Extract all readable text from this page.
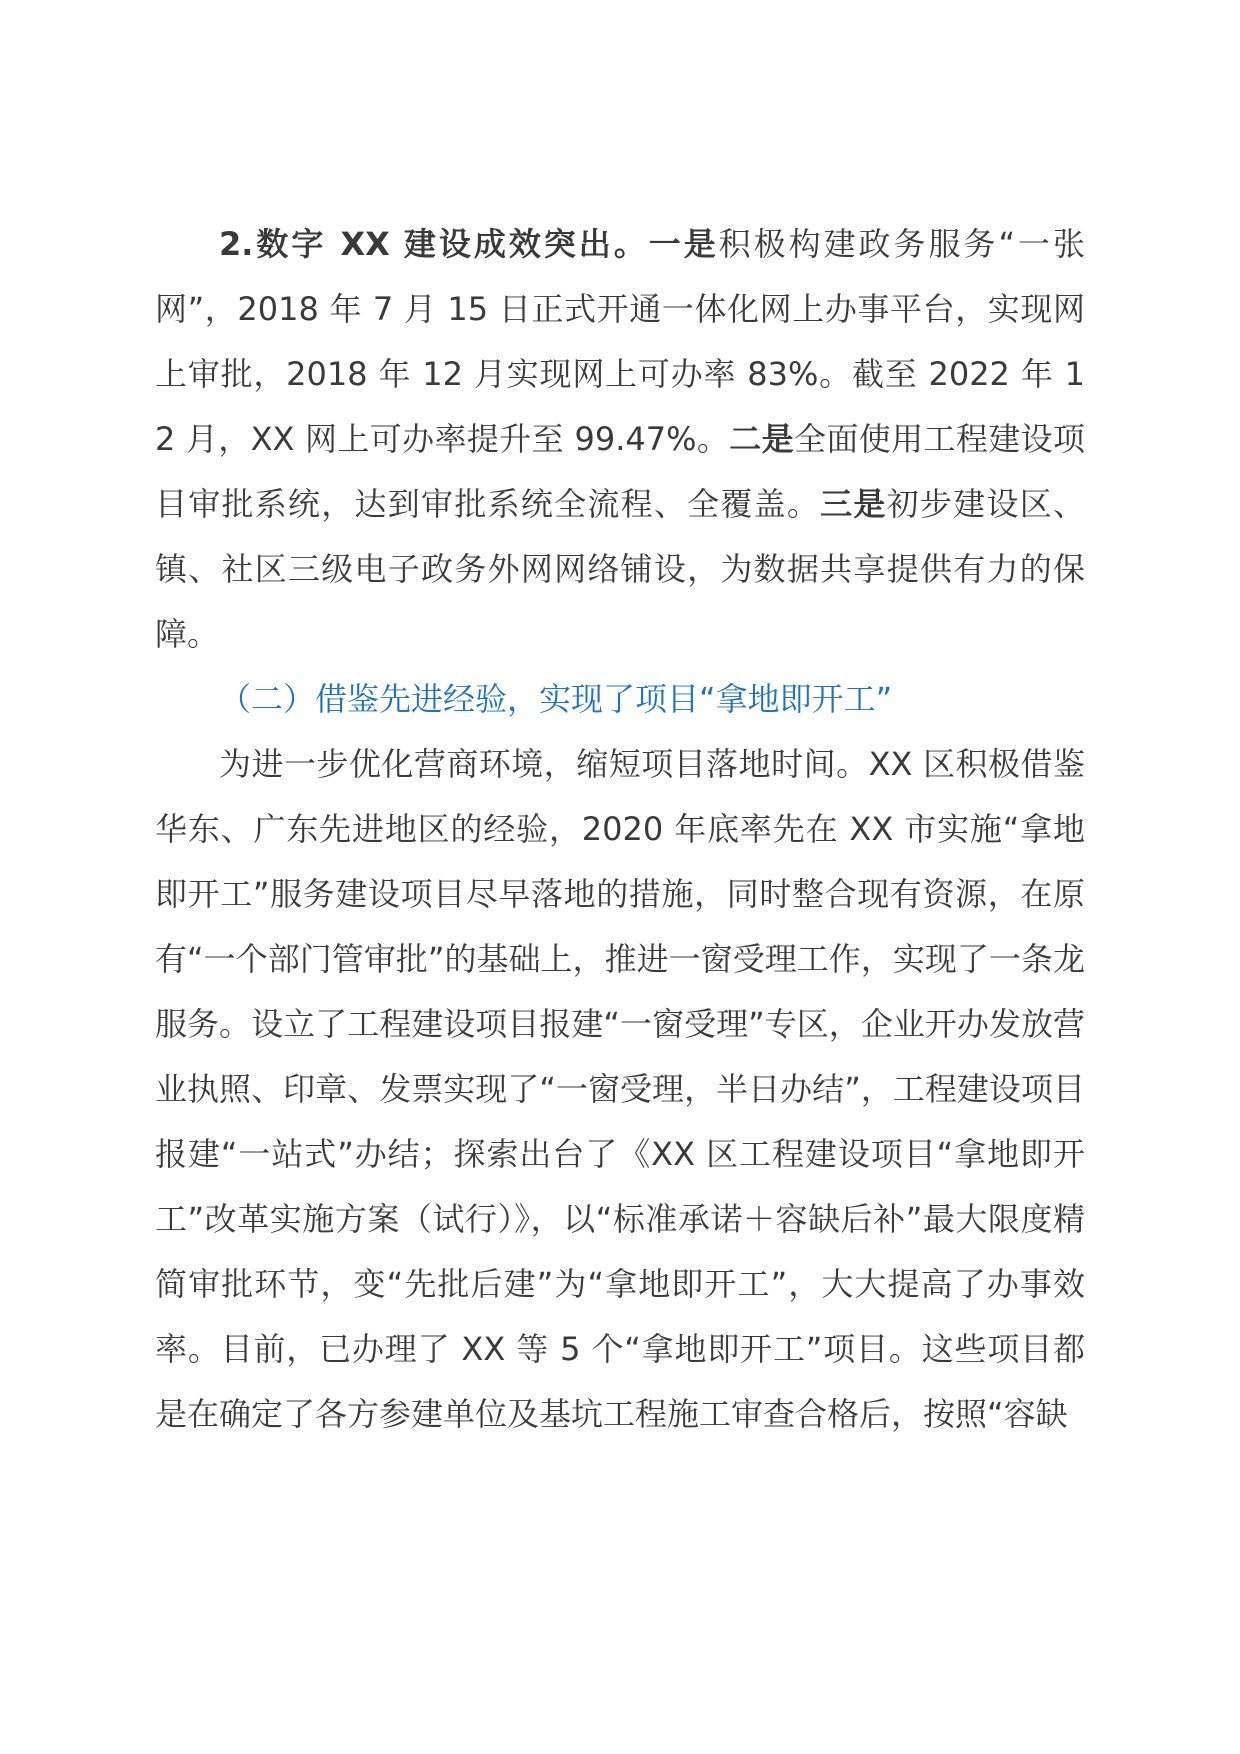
2.数字 XX 建设成效突出。一是积极构建政务服务“一张网”，2018 年 7 月 15 日正式开通一体化网上办事平台，实现网上审批，2018 年 12 月实现网上可办率 83%。截至 2022 年 12 月，XX 网上可办率提升至 99.47%。二是全面使用工程建设项目审批系统，达到审批系统全流程、全覆盖。三是初步建设区、镇、社区三级电子政务外网网络铺设，为数据共享提供有力的保障。

（二）借鉴先进经验，实现了项目“拿地即开工”

为进一步优化营商环境，缩短项目落地时间。XX 区积极借鉴华东、广东先进地区的经验，2020 年底率先在 XX 市实施“拿地即开工”服务建设项目尽早落地的措施，同时整合现有资源，在原有“一个部门管审批”的基础上，推进一窗受理工作，实现了一条龙服务。设立了工程建设项目报建“一窗受理”专区，企业开办发放营业执照、印章、发票实现了“一窗受理，半日办结”，工程建设项目报建“一站式”办结；探索出台了《XX 区工程建设项目“拿地即开工”改革实施方案（试行）》，以“标准承诺＋容缺后补”最大限度精简审批环节，变“先批后建”为“拿地即开工”，大大提高了办事效率。目前，已办理了 XX 等 5 个“拿地即开工”项目。这些项目都是在确定了各方参建单位及基坑工程施工审查合格后，按照“容缺
